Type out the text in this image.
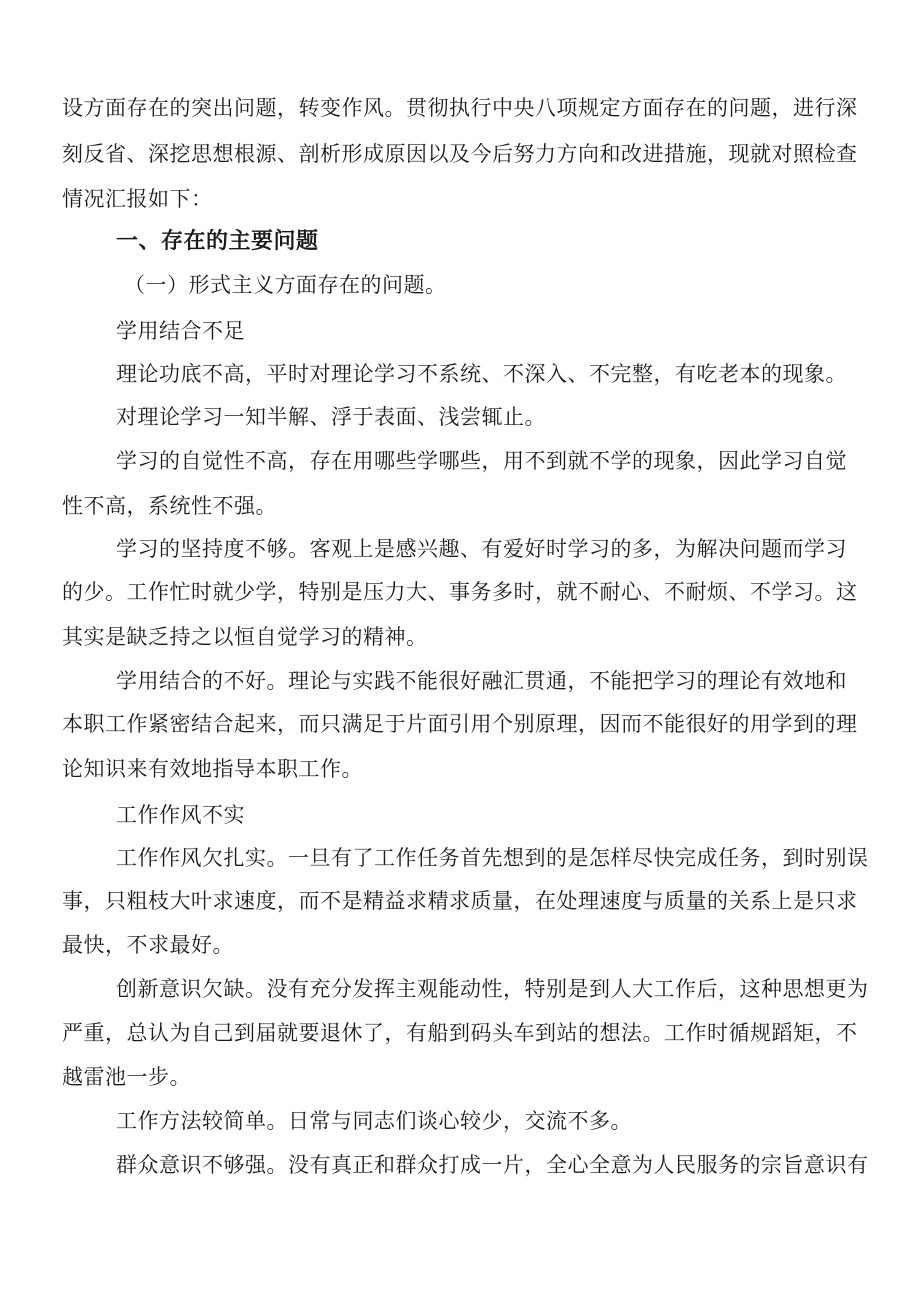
设方面存在的突出问题，转变作风。贯彻执行中央八项规定方面存在的问题，进行深
刻反省、深挖思想根源、剖析形成原因以及今后努力方向和改进措施，现就对照检查
情况汇报如下：
一、存在的主要问题
（一）形式主义方面存在的问题。
学用结合不足
理论功底不高，平时对理论学习不系统、不深入、不完整，有吃老本的现象。
对理论学习一知半解、浮于表面、浅尝辄止。
学习的自觉性不高，存在用哪些学哪些，用不到就不学的现象，因此学习自觉
性不高，系统性不强。
学习的坚持度不够。客观上是感兴趣、有爱好时学习的多，为解决问题而学习
的少。工作忙时就少学，特别是压力大、事务多时，就不耐心、不耐烦、不学习。这
其实是缺乏持之以恒自觉学习的精神。
学用结合的不好。理论与实践不能很好融汇贯通，不能把学习的理论有效地和
本职工作紧密结合起来，而只满足于片面引用个别原理，因而不能很好的用学到的理
论知识来有效地指导本职工作。
工作作风不实
工作作风欠扎实。一旦有了工作任务首先想到的是怎样尽快完成任务，到时别误
事，只粗枝大叶求速度，而不是精益求精求质量，在处理速度与质量的关系上是只求
最快，不求最好。
创新意识欠缺。没有充分发挥主观能动性，特别是到人大工作后，这种思想更为
严重，总认为自己到届就要退休了，有船到码头车到站的想法。工作时循规蹈矩，不
越雷池一步。
工作方法较简单。日常与同志们谈心较少，交流不多。
群众意识不够强。没有真正和群众打成一片，全心全意为人民服务的宗旨意识有
